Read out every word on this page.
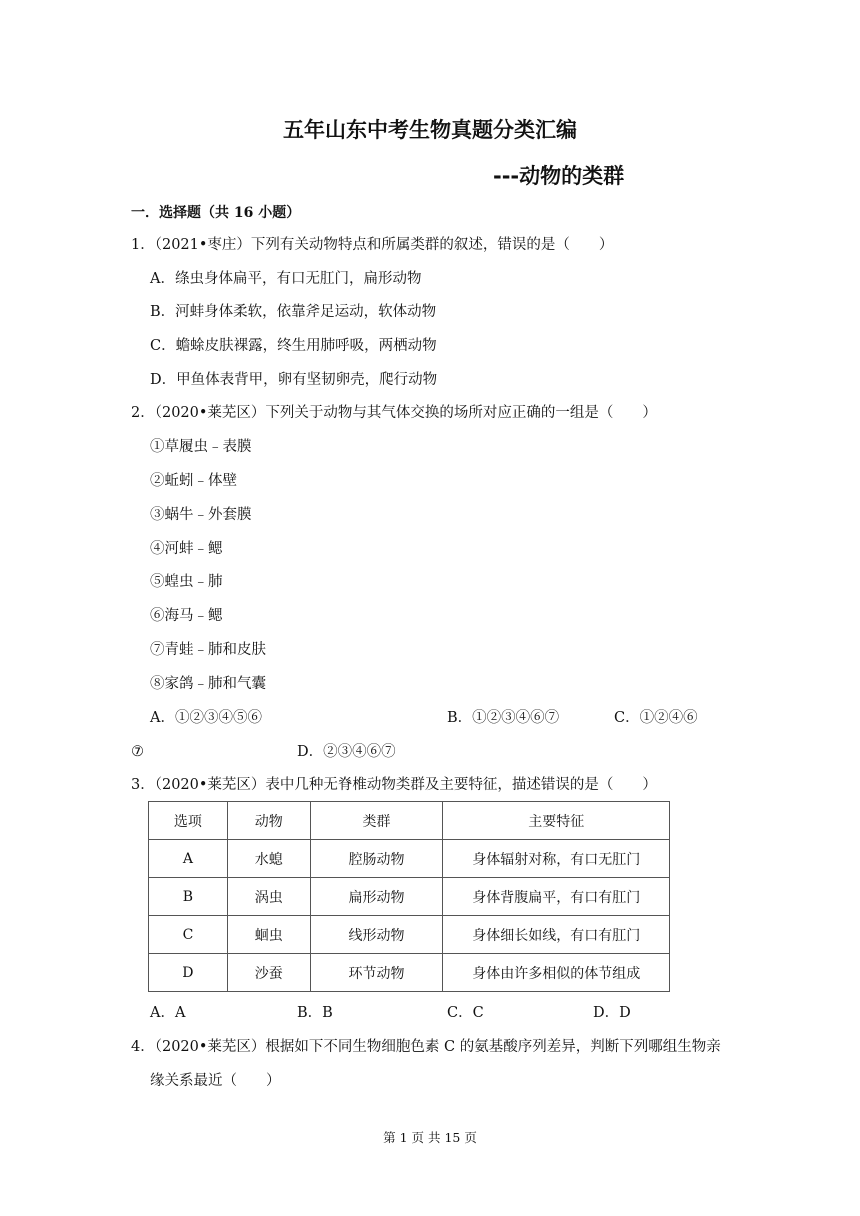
五年山东中考生物真题分类汇编
---动物的类群
一．选择题（共 16 小题）
1．（2021•枣庄）下列有关动物特点和所属类群的叙述，错误的是（　　）
A．绦虫身体扁平，有口无肛门，扁形动物
B．河蚌身体柔软，依靠斧足运动，软体动物
C．蟾蜍皮肤裸露，终生用肺呼吸，两栖动物
D．甲鱼体表背甲，卵有坚韧卵壳，爬行动物
2．（2020•莱芜区）下列关于动物与其气体交换的场所对应正确的一组是（　　）
①草履虫﹣表膜
②蚯蚓﹣体壁
③蜗牛﹣外套膜
④河蚌﹣鳃
⑤蝗虫﹣肺
⑥海马﹣鳃
⑦青蛙﹣肺和皮肤
⑧家鸽﹣肺和气囊
A．①②③④⑤⑥	B．①②③④⑥⑦	C．①②④⑥
⑦	D．②③④⑥⑦
3．（2020•莱芜区）表中几种无脊椎动物类群及主要特征，描述错误的是（　　）
选项	动物	类群	主要特征
A	水螅	腔肠动物	身体辐射对称，有口无肛门
B	涡虫	扁形动物	身体背腹扁平，有口有肛门
C	蛔虫	线形动物	身体细长如线，有口有肛门
D	沙蚕	环节动物	身体由许多相似的体节组成
A．A	B．B	C．C	D．D
4．（2020•莱芜区）根据如下不同生物细胞色素 C 的氨基酸序列差异，判断下列哪组生物亲
缘关系最近（　　）
第 1 页 共 15 页
